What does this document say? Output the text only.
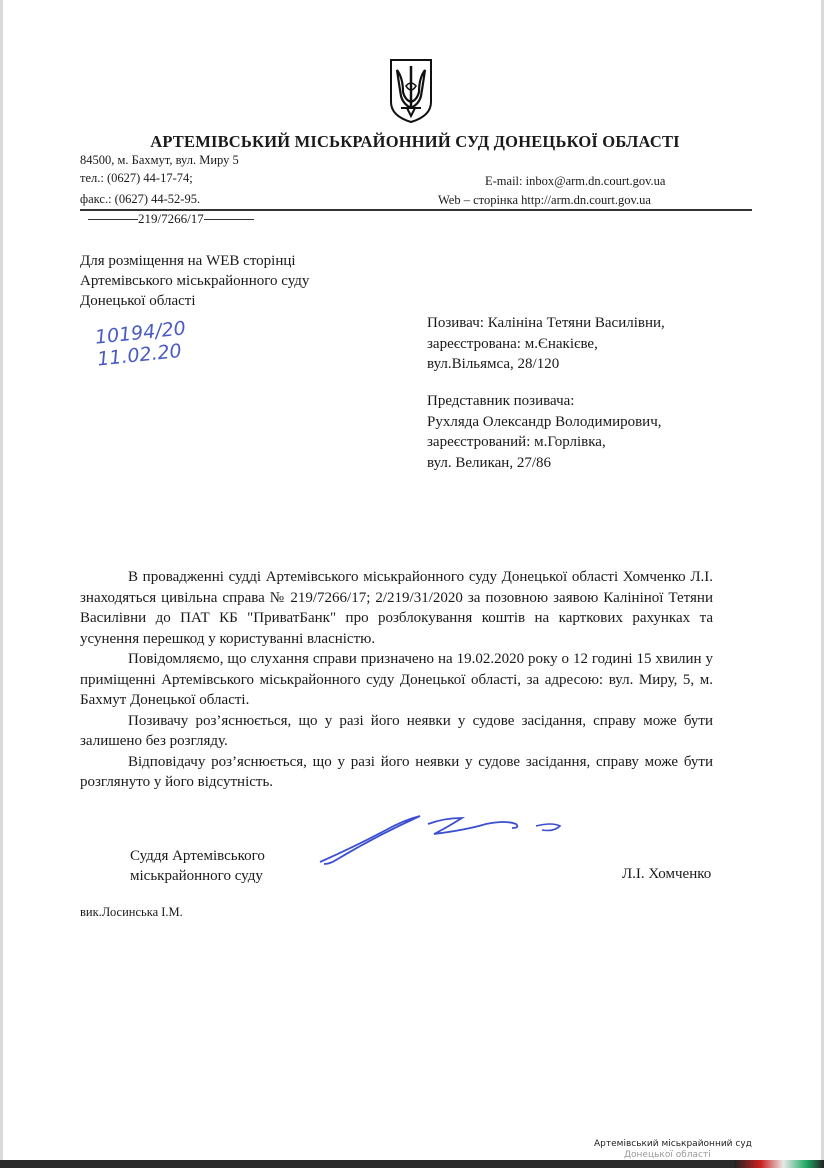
АРТЕМІВСЬКИЙ МІСЬКРАЙОННИЙ СУД ДОНЕЦЬКОЇ ОБЛАСТІ
84500, м. Бахмут, вул. Миру 5
тел.: (0627) 44-17-74;
факс.: (0627) 44-52-95.
E-mail: inbox@arm.dn.court.gov.ua
Web – сторінка http://arm.dn.court.gov.ua
219/7266/17
Для розміщення на WEB сторінці
Артемівського міськрайонного суду
Донецької області
10194/20
11.02.20
Позивач: Калініна Тетяни Василівни,
зареєстрована: м.Єнакієве,
вул.Вільямса, 28/120
Представник позивача:
Рухляда Олександр Володимирович,
зареєстрований: м.Горлівка,
вул. Великан, 27/86

В провадженні судді Артемівського міськрайонного суду Донецької області Хомченко Л.І. знаходяться цивільна справа № 219/7266/17; 2/219/31/2020 за позовною заявою Калініної Тетяни Василівни до ПАТ КБ "ПриватБанк" про розблокування коштів на карткових рахунках та усунення перешкод у користуванні власністю.

Повідомляємо, що слухання справи призначено на 19.02.2020 року о 12 годині 15 хвилин у приміщенні Артемівського міськрайонного суду Донецької області, за адресою: вул. Миру, 5, м. Бахмут Донецької області.

Позивачу роз’яснюється, що у разі його неявки у судове засідання, справу може бути залишено без розгляду.

Відповідачу роз’яснюється, що у разі його неявки у судове засідання, справу може бути розглянуто у його відсутність.

Суддя Артемівського
міськрайонного суду	Л.І. Хомченко
вик.Лосинська І.М.
Артемівський міськрайонний суд
Донецької області
